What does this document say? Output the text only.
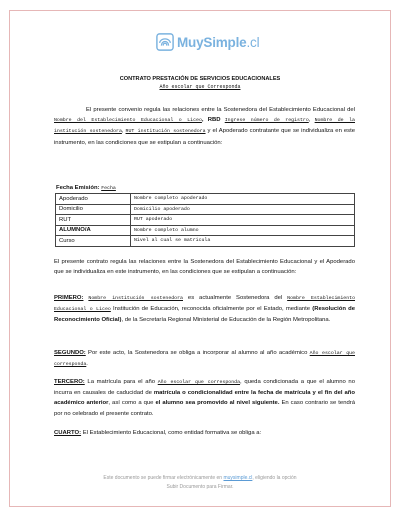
MuySimple.cl
CONTRATO PRESTACIÓN DE SERVICIOS EDUCACIONALES
Año escolar que Corresponda
El presente convenio regula las relaciones entre la Sostenedora del Establecimiento Educacional del Nombre del Establecimiento Educacional o Liceo, RBD Ingrese número de registro, Nombre de la institución sostenedora, RUT institución sostenedora y el Apoderado contratante que se individualiza en este instrumento, en las condiciones que se estipulan a continuación:
Fecha Emisión: Fecha
Apoderado	Nombre completo apoderado
Domicilio	Domicilio apoderado
RUT	RUT apoderado
ALUMNO/A	Nombre completo alumno
Curso	Nivel al cual se matricula
El presente contrato regula las relaciones entre la Sostenedora del Establecimiento Educacional y el Apoderado que se individualiza en este instrumento, en las condiciones que se estipulan a continuación:
PRIMERO: Nombre institución sostenedora es actualmente Sostenedora del Nombre Establecimiento Educacional o Liceo Institución de Educación, reconocida oficialmente por el Estado, mediante (Resolución de Reconocimiento Oficial), de la Secretaría Regional Ministerial de Educación de la Región Metropolitana.
SEGUNDO: Por este acto, la Sostenedora se obliga a incorporar al alumno al año académico Año escolar que corresponda.
TERCERO: La matrícula para el año Año escolar que corresponda, queda condicionada a que el alumno no incurra en causales de caducidad de matrícula o condicionalidad entre la fecha de matrícula y el fin del año académico anterior, así como a que el alumno sea promovido al nivel siguiente. En caso contrario se tendrá por no celebrado el presente contrato.
CUARTO: El Establecimiento Educacional, como entidad formativa se obliga a:
Este documento se puede firmar electrónicamente en muysimple.cl, eligiendo la opción
Subir Documento para Firmar.
